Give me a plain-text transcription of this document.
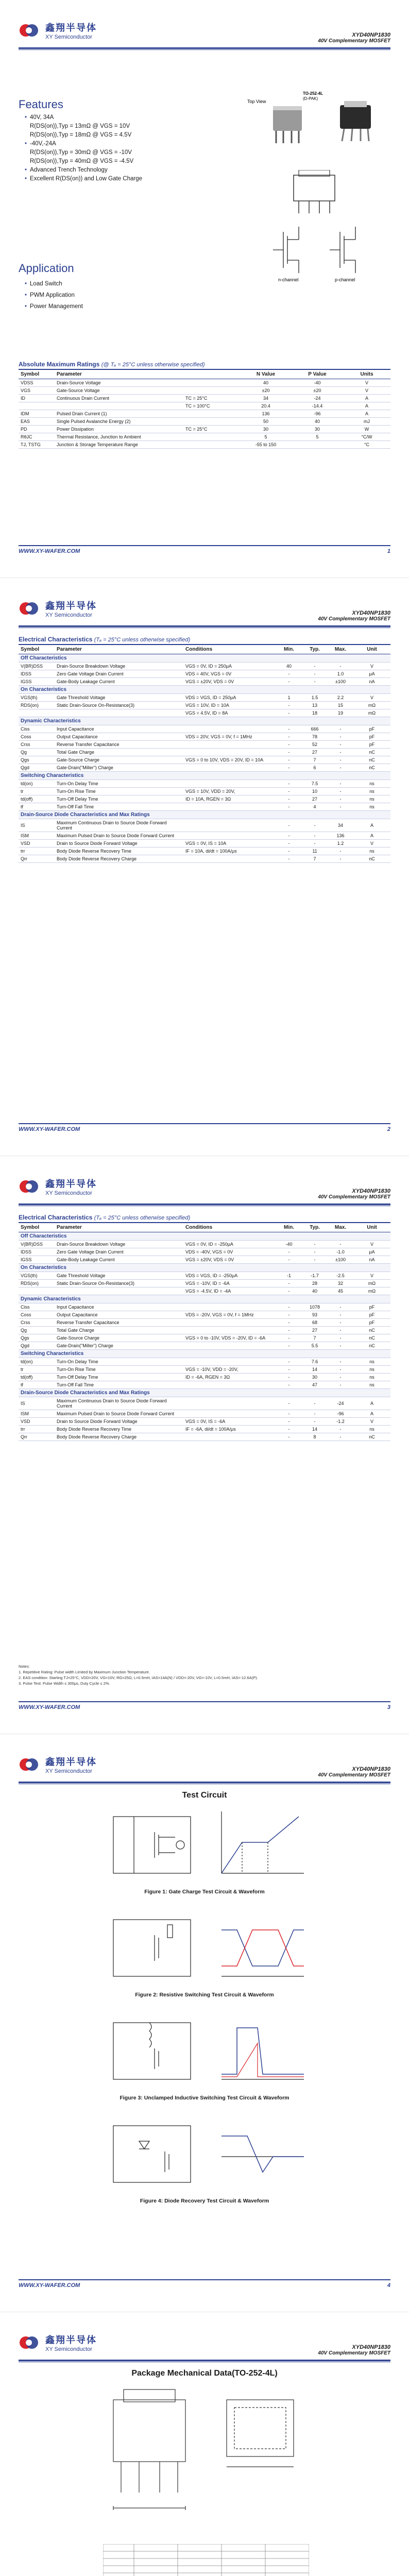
鑫翔半导体
XY Semiconductor	XYD40NP1830
40V Complementary MOSFET
Features
• 40V, 34A
R(DS(on)),Typ = 13mΩ @ VGS = 10V
R(DS(on)),Typ = 18mΩ @ VGS = 4.5V
• -40V,-24A
R(DS(on)),Typ = 30mΩ @ VGS = -10V
R(DS(on)),Typ = 40mΩ @ VGS = -4.5V
• Advanced Trench Technology
• Excellent R(DS(on)) and Low Gate Charge
Top View
TO-252-4L
(D-PAK)
n-channel	p-channel
Application
• Load Switch
• PWM Application
• Power Management
Absolute Maximum Ratings (@ Tₐ = 25°C unless otherwise specified)
Symbol	Parameter		N Value	P Value	Units
VDSS	Drain-Source Voltage		40	-40	V
VGS	Gate-Source Voltage		±20	±20	V
ID	Continuous Drain Current	TC = 25°C	34	-24	A
		TC = 100°C	20.4	-14.4	A
IDM	Pulsed Drain Current (1)		136	-96	A
EAS	Single Pulsed Avalanche Energy (2)		50	40	mJ
PD	Power Dissipation	TC = 25°C	30	30	W
RθJC	Thermal Resistance, Junction to Ambient		5	5	°C/W
TJ, TSTG	Junction & Storage Temperature Range		-55 to 150		°C
WWW.XY-WAFER.COM	1
鑫翔半导体
XY Semiconductor	XYD40NP1830
40V Complementary MOSFET
Electrical Characteristics (Tₐ = 25°C unless otherwise specified)
Symbol	Parameter	Conditions	Min.	Typ.	Max.	Unit
Off Characteristics						
V(BR)DSS	Drain-Source Breakdown Voltage	VGS = 0V, ID = 250μA	40	-	-	V
IDSS	Zero Gate Voltage Drain Current	VDS = 40V, VGS = 0V	-	-	1.0	μA
IGSS	Gate-Body Leakage Current	VGS = ±20V, VDS = 0V	-	-	±100	nA
On Characteristics						
VGS(th)	Gate Threshold Voltage	VDS = VGS, ID = 250μA	1	1.5	2.2	V
RDS(on)	Static Drain-Source On-Resistance(3)	VGS = 10V, ID = 10A	-	13	15	mΩ
		VGS = 4.5V, ID = 8A	-	18	19	mΩ
Dynamic Characteristics						
Ciss	Input Capacitance		-	666	-	pF
Coss	Output Capacitance	VDS = 20V, VGS = 0V, f = 1MHz	-	78	-	pF
Crss	Reverse Transfer Capacitance		-	52	-	pF
Qg	Total Gate Charge		-	27	-	nC
Qgs	Gate-Source Charge	VGS = 0 to 10V, VDS = 20V, ID = 10A	-	7	-	nC
Qgd	Gate-Drain("Miller") Charge		-	6	-	nC
Switching Characteristics						
td(on)	Turn-On Delay Time		-	7.5	-	ns
tr	Turn-On Rise Time	VGS = 10V, VDD = 20V,	-	10	-	ns
td(off)	Turn-Off Delay Time	ID = 10A, RGEN = 3Ω	-	27	-	ns
tf	Turn-Off Fall Time		-	4	-	ns
Drain-Source Diode Characteristics and Max Ratings						
IS	Maximum Continuous Drain to Source Diode Forward Current		-	-	34	A
ISM	Maximum Pulsed Drain to Source Diode Forward Current		-	-	136	A
VSD	Drain to Source Diode Forward Voltage	VGS = 0V, IS = 10A	-	-	1.2	V
trr	Body Diode Reverse Recovery Time	IF = 10A, di/dt = 100A/μs	-	11	-	ns
Qrr	Body Diode Reverse Recovery Charge		-	7	-	nC
WWW.XY-WAFER.COM	2
鑫翔半导体
XY Semiconductor	XYD40NP1830
40V Complementary MOSFET
Electrical Characteristics (Tₐ = 25°C unless otherwise specified)
Symbol	Parameter	Conditions	Min.	Typ.	Max.	Unit
Off Characteristics						
V(BR)DSS	Drain-Source Breakdown Voltage	VGS = 0V, ID = -250μA	-40	-	-	V
IDSS	Zero Gate Voltage Drain Current	VDS = -40V, VGS = 0V	-	-	-1.0	μA
IGSS	Gate-Body Leakage Current	VGS = ±20V, VDS = 0V	-	-	±100	nA
On Characteristics						
VGS(th)	Gate Threshold Voltage	VDS = VGS, ID = -250μA	-1	-1.7	-2.5	V
RDS(on)	Static Drain-Source On-Resistance(3)	VGS = -10V, ID = -6A	-	28	32	mΩ
		VGS = -4.5V, ID = -4A	-	40	45	mΩ
Dynamic Characteristics						
Ciss	Input Capacitance		-	1078	-	pF
Coss	Output Capacitance	VDS = -20V, VGS = 0V, f = 1MHz	-	93	-	pF
Crss	Reverse Transfer Capacitance		-	68	-	pF
Qg	Total Gate Charge		-	27	-	nC
Qgs	Gate-Source Charge	VGS = 0 to -10V, VDS = -20V, ID = -6A	-	7	-	nC
Qgd	Gate-Drain("Miller") Charge		-	5.5	-	nC
Switching Characteristics						
td(on)	Turn-On Delay Time		-	7.6	-	ns
tr	Turn-On Rise Time	VGS = -10V, VDD = -20V,	-	14	-	ns
td(off)	Turn-Off Delay Time	ID = -6A, RGEN = 3Ω	-	30	-	ns
tf	Turn-Off Fall Time		-	47	-	ns
Drain-Source Diode Characteristics and Max Ratings						
IS	Maximum Continuous Drain to Source Diode Forward Current		-	-	-24	A
ISM	Maximum Pulsed Drain to Source Diode Forward Current		-	-	-96	A
VSD	Drain to Source Diode Forward Voltage	VGS = 0V, IS = -6A	-	-	-1.2	V
trr	Body Diode Reverse Recovery Time	IF = -6A, di/dt = 100A/μs	-	14	-	ns
Qrr	Body Diode Reverse Recovery Charge		-	8	-	nC
Notes:
1. Repetitive Rating: Pulse width Limited by Maximum Junction Temperature.
2. EAS condition: Starting TJ=25°C, VDD=20V, VG=10V, RG=25Ω, L=0.5mH, IAS=14A(N) / VDD=-20V, VG=-10V, L=0.5mH, IAS=-12.6A(P).
3. Pulse Test: Pulse Width ≤ 300μs, Duty Cycle ≤ 2%.
WWW.XY-WAFER.COM	3
鑫翔半导体
XY Semiconductor	XYD40NP1830
40V Complementary MOSFET
Test Circuit
Figure 1: Gate Charge Test Circuit & Waveform
Figure 2: Resistive Switching Test Circuit & Waveform
Figure 3: Unclamped Inductive Switching Test Circuit & Waveform
Figure 4: Diode Recovery Test Circuit & Waveform
WWW.XY-WAFER.COM	4
鑫翔半导体
XY Semiconductor	XYD40NP1830
40V Complementary MOSFET
Package Mechanical Data(TO-252-4L)
